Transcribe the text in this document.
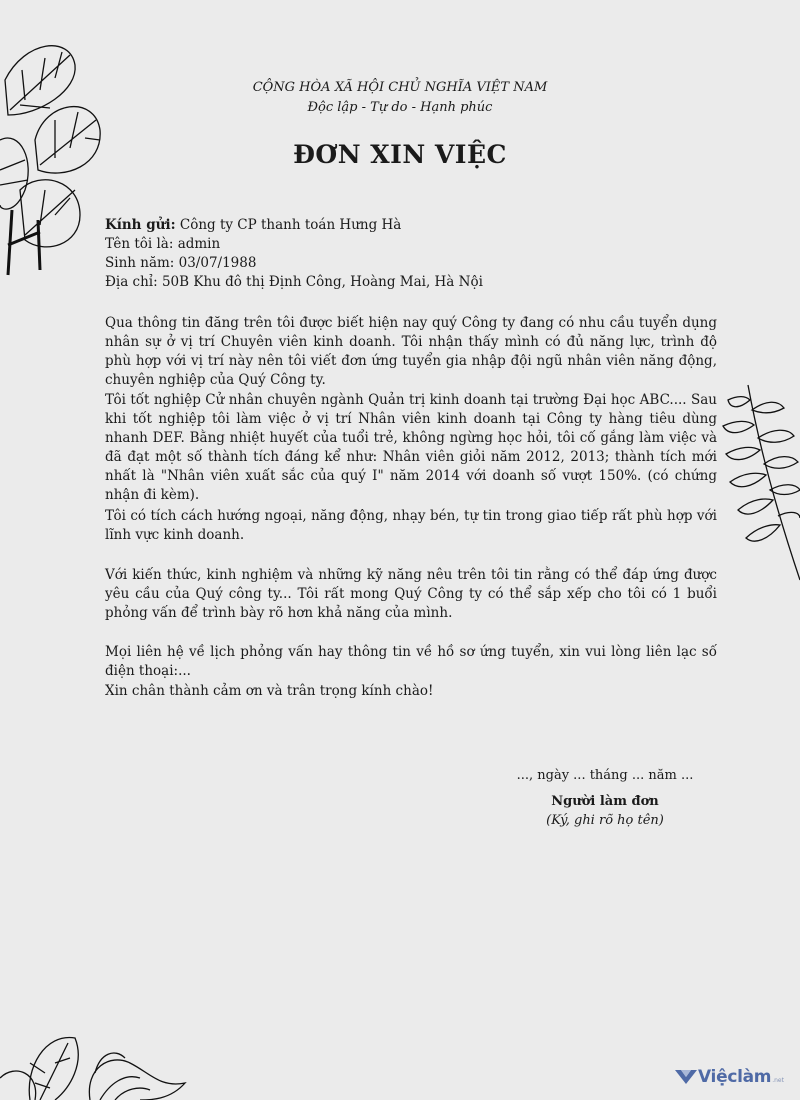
CỘNG HÒA XÃ HỘI CHỦ NGHĨA VIỆT NAM
Độc lập - Tự do - Hạnh phúc
ĐƠN XIN VIỆC
Kính gửi: Công ty CP thanh toán Hưng Hà
Tên tôi là: admin
Sinh năm: 03/07/1988
Địa chỉ: 50B Khu đô thị Định Công, Hoàng Mai, Hà Nội
Qua thông tin đăng trên tôi được biết hiện nay quý Công ty đang có nhu cầu tuyển dụng nhân sự ở vị trí Chuyên viên kinh doanh. Tôi nhận thấy mình có đủ năng lực, trình độ phù hợp với vị trí này nên tôi viết đơn ứng tuyển gia nhập đội ngũ nhân viên năng động, chuyên nghiệp của Quý Công ty.
Tôi tốt nghiệp Cử nhân chuyên ngành Quản trị kinh doanh tại trường Đại học ABC.... Sau khi tốt nghiệp tôi làm việc ở vị trí Nhân viên kinh doanh tại Công ty hàng tiêu dùng nhanh DEF. Bằng nhiệt huyết của tuổi trẻ, không ngừng học hỏi, tôi cố gắng làm việc và đã đạt một số thành tích đáng kể như: Nhân viên giỏi năm 2012, 2013; thành tích mới nhất là "Nhân viên xuất sắc của quý I" năm 2014 với doanh số vượt 150%. (có chứng nhận đi kèm).
Tôi có tích cách hướng ngoại, năng động, nhạy bén, tự tin trong giao tiếp rất phù hợp với lĩnh vực kinh doanh.
Với kiến thức, kinh nghiệm và những kỹ năng nêu trên tôi tin rằng có thể đáp ứng được yêu cầu của Quý công ty... Tôi rất mong Quý Công ty có thể sắp xếp cho tôi có 1 buổi phỏng vấn để trình bày rõ hơn khả năng của mình.
Mọi liên hệ về lịch phỏng vấn hay thông tin về hồ sơ ứng tuyển, xin vui lòng liên lạc số điện thoại:...
Xin chân thành cảm ơn và trân trọng kính chào!
..., ngày ... tháng ... năm ...
Người làm đơn
(Ký, ghi rõ họ tên)
Việclàm .net
